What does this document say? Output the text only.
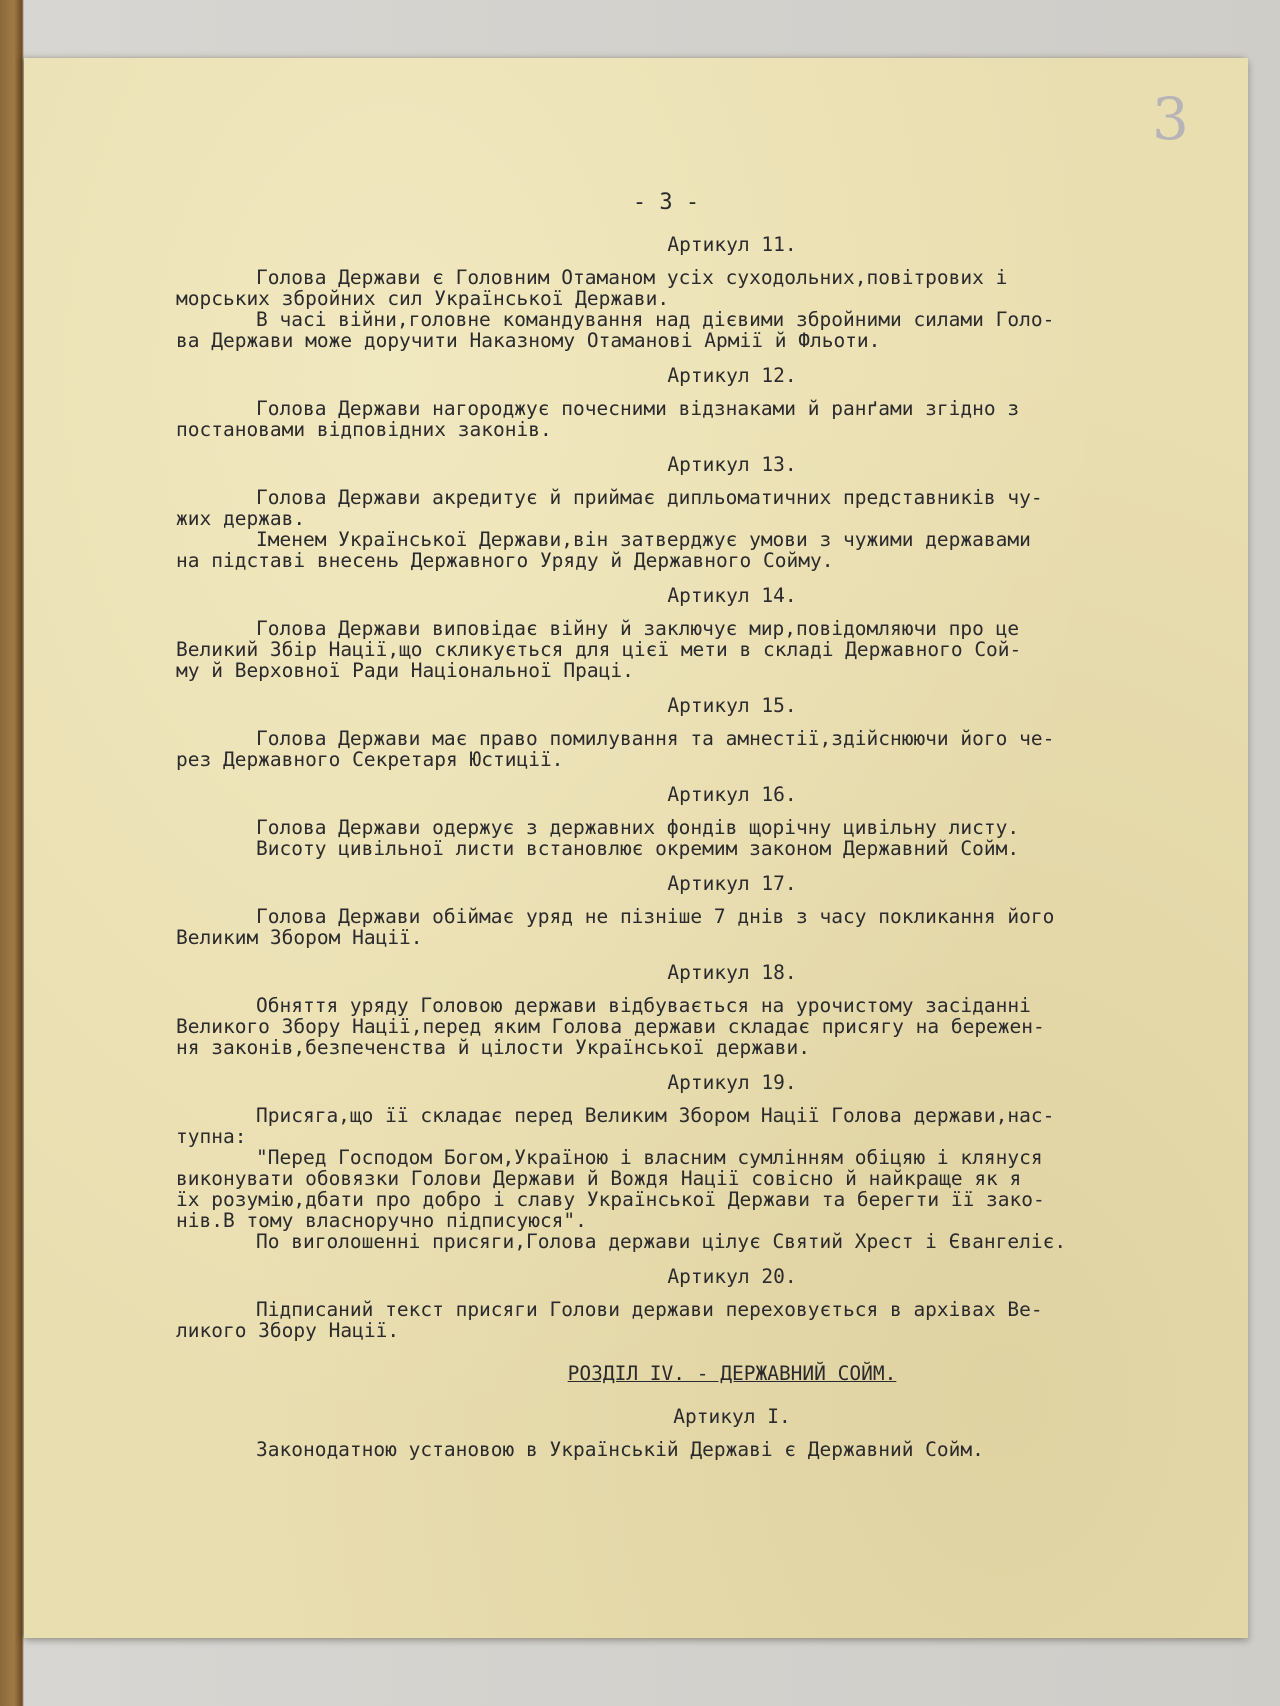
3
- 3 -
Артикул 11.
Голова Держави є Головним Отаманом усіх суходольних,повітрових і
морських збройних сил Української Держави.
В часі війни,головне командування над дієвими збройними силами Голо-
ва Держави може доручити Наказному Отаманові Армії й Фльоти.
Артикул 12.
Голова Держави нагороджує почесними відзнаками й ранґами згідно з
постановами відповідних законів.
Артикул 13.
Голова Держави акредитує й приймає дипльоматичних представників чу-
жих держав.
Іменем Української Держави,він затверджує умови з чужими державами
на підставі внесень Державного Уряду й Державного Сойму.
Артикул 14.
Голова Держави виповідає війну й заключує мир,повідомляючи про це
Великий Збір Нації,що скликується для цієї мети в складі Державного Сой-
му й Верховної Ради Національної Праці.
Артикул 15.
Голова Держави має право помилування та амнестії,здійснюючи його че-
рез Державного Секретаря Юстиції.
Артикул 16.
Голова Держави одержує з державних фондів щорічну цивільну листу.
Висоту цивільної листи встановлює окремим законом Державний Сойм.
Артикул 17.
Голова Держави обіймає уряд не пізніше 7 днів з часу покликання його
Великим Збором Нації.
Артикул 18.
Обняття уряду Головою держави відбувається на урочистому засіданні
Великого Збору Нації,перед яким Голова держави складає присягу на бережен-
ня законів,безпеченства й цілости Української держави.
Артикул 19.
Присяга,що її складає перед Великим Збором Нації Голова держави,нас-
тупна:
"Перед Господом Богом,Україною і власним сумлінням обіцяю і клянуся
виконувати обовязки Голови Держави й Вождя Нації совісно й найкраще як я
їх розумію,дбати про добро і славу Української Держави та берегти її зако-
нів.В тому власноручно підписуюся".
По виголошенні присяги,Голова держави цілує Святий Хрест і Євангеліє.
Артикул 20.
Підписаний текст присяги Голови держави переховується в архівах Ве-
ликого Збору Нації.
РОЗДІЛ IV. - ДЕРЖАВНИЙ СОЙМ.
Артикул I.
Законодатною установою в Українській Державі є Державний Сойм.
